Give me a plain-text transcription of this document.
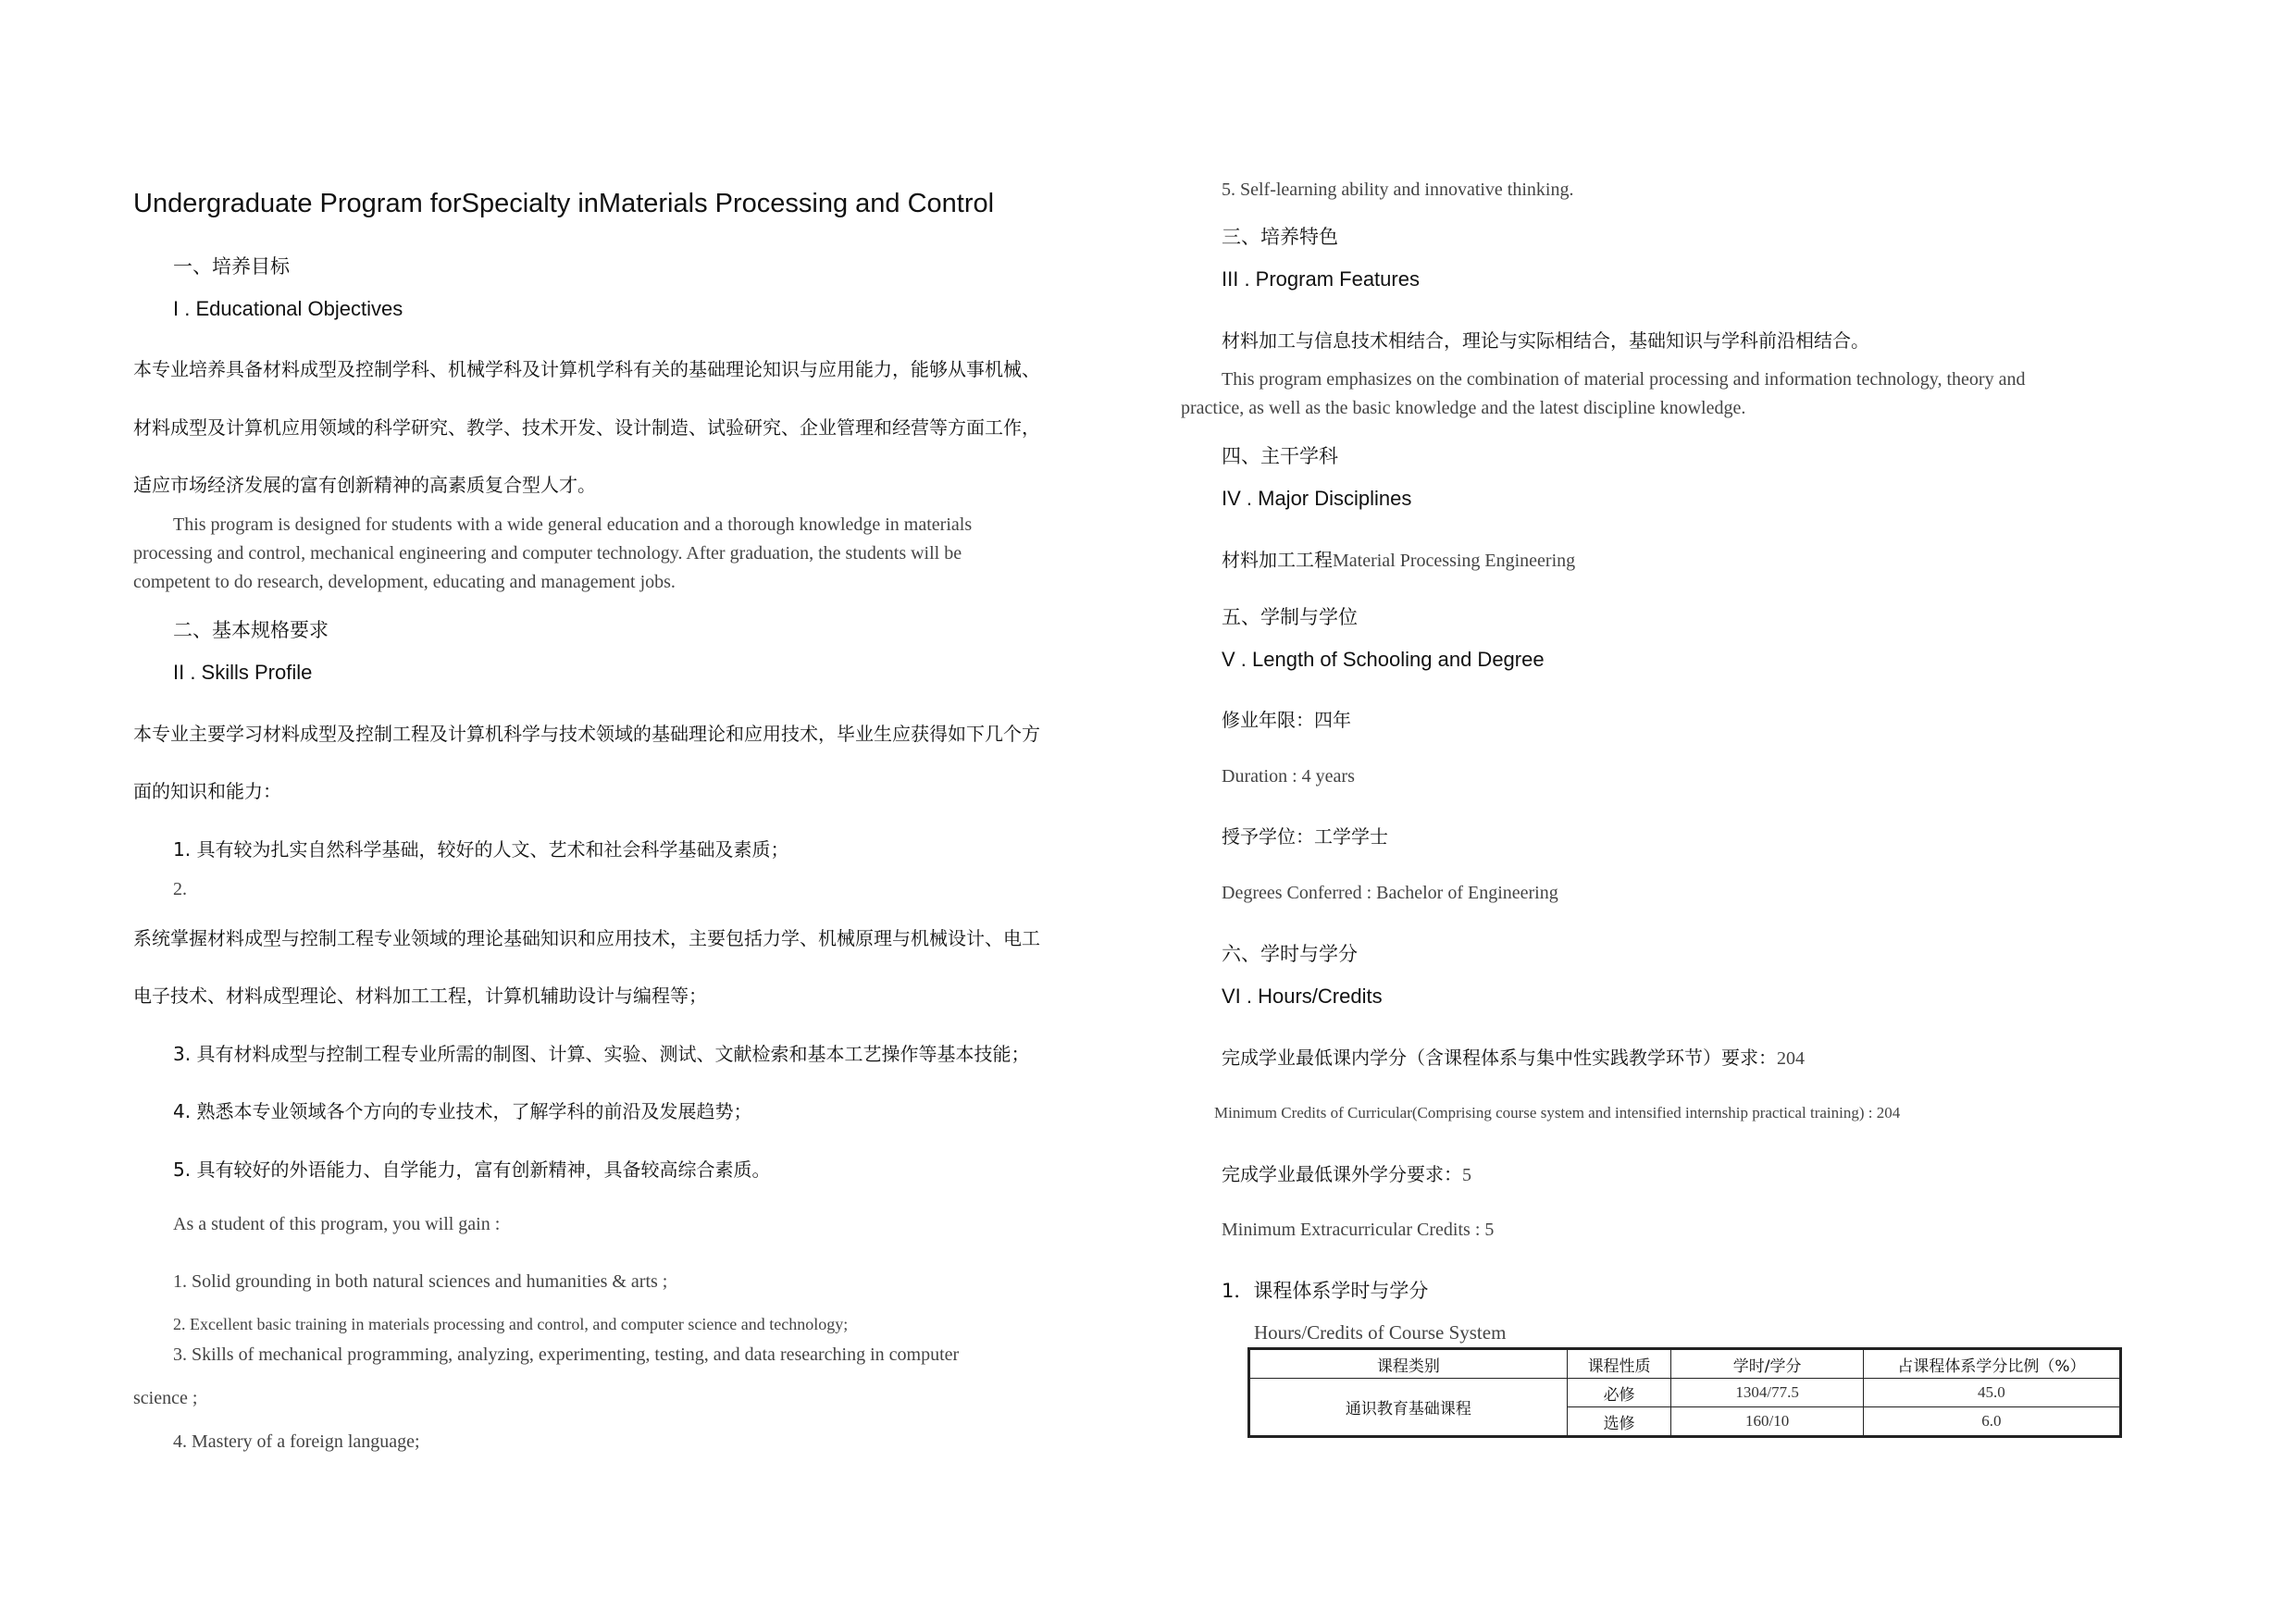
Undergraduate Program forSpecialty inMaterials Processing and Control
一、培养目标
I . Educational Objectives
本专业培养具备材料成型及控制学科、机械学科及计算机学科有关的基础理论知识与应用能力，能够从事机械、
材料成型及计算机应用领域的科学研究、教学、技术开发、设计制造、试验研究、企业管理和经营等方面工作，
适应市场经济发展的富有创新精神的高素质复合型人才。
This program is designed for students with a wide general education and a thorough knowledge in materials
processing and control, mechanical engineering and computer technology. After graduation, the students will be
competent to do research, development, educating and management jobs.
二、基本规格要求
II . Skills Profile
本专业主要学习材料成型及控制工程及计算机科学与技术领域的基础理论和应用技术，毕业生应获得如下几个方
面的知识和能力：
1. 具有较为扎实自然科学基础，较好的人文、艺术和社会科学基础及素质；
2.
系统掌握材料成型与控制工程专业领域的理论基础知识和应用技术，主要包括力学、机械原理与机械设计、电工
电子技术、材料成型理论、材料加工工程，计算机辅助设计与编程等；
3. 具有材料成型与控制工程专业所需的制图、计算、实验、测试、文献检索和基本工艺操作等基本技能；
4. 熟悉本专业领域各个方向的专业技术，了解学科的前沿及发展趋势；
5. 具有较好的外语能力、自学能力，富有创新精神，具备较高综合素质。
As a student of this program, you will gain :
1. Solid grounding in both natural sciences and humanities & arts ;
2. Excellent basic training in materials processing and control, and computer science and technology;
3. Skills of mechanical programming, analyzing, experimenting, testing, and data researching in computer
science ;
4. Mastery of a foreign language;
5. Self-learning ability and innovative thinking.
三、培养特色
III . Program Features
材料加工与信息技术相结合，理论与实际相结合，基础知识与学科前沿相结合。
This program emphasizes on the combination of material processing and information technology, theory and
practice, as well as the basic knowledge and the latest discipline knowledge.
四、主干学科
IV . Major Disciplines
材料加工工程Material Processing Engineering
五、学制与学位
V . Length of Schooling and Degree
修业年限：四年
Duration : 4 years
授予学位：工学学士
Degrees Conferred : Bachelor of Engineering
六、学时与学分
VI . Hours/Credits
完成学业最低课内学分（含课程体系与集中性实践教学环节）要求：204
Minimum Credits of Curricular(Comprising course system and intensified internship practical training) : 204
完成学业最低课外学分要求：5
Minimum Extracurricular Credits : 5
1．课程体系学时与学分
Hours/Credits of Course System
课程类别	课程性质	学时/学分	占课程体系学分比例（%）
通识教育基础课程	必修	1304/77.5	45.0
	选修	160/10	6.0
